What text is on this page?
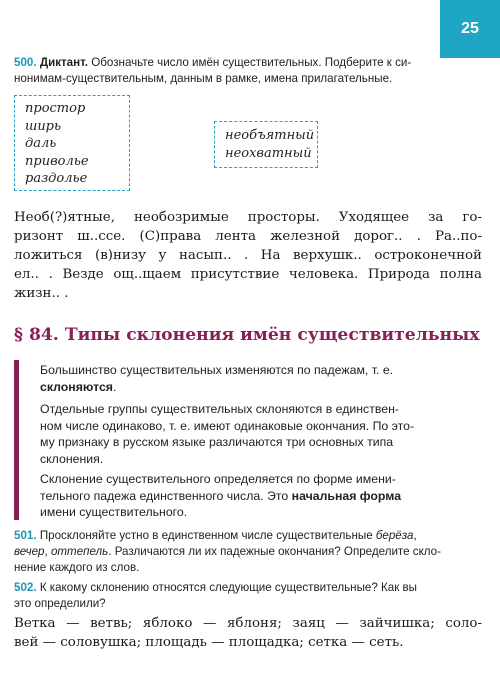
25
500. Диктант. Обозначьте число имён существительных. Подберите к си-
нонимам-существительным, данным в рамке, имена прилагательные.
простор
ширь
даль
приволье
раздолье
необъятный
неохватный
Необ(?)ятные, необозримые просторы. Уходящее за го-
ризонт ш..ссе. (С)права лента железной дорог.. . Ра..по-
ложиться (в)низу у насып.. . На верхушк.. остроконечной
ел.. . Везде ощ..щаем присутствие человека. Природа полна
жизн.. .
§ 84. Типы склонения имён существительных
Большинство существительных изменяются по падежам, т. е.
склоняются.
Отдельные группы существительных склоняются в единствен-
ном числе одинаково, т. е. имеют одинаковые окончания. По это-
му признаку в русском языке различаются три основных типа
склонения.
Склонение существительного определяется по форме имени-
тельного падежа единственного числа. Это начальная форма
имени существительного.
501. Просклоняйте устно в единственном числе существительные берёза,
вечер, оттепель. Различаются ли их падежные окончания? Определите скло-
нение каждого из слов.
502. К какому склонению относятся следующие существительные? Как вы
это определили?
Ветка — ветвь; яблоко — яблоня; заяц — зайчишка; соло-
вей — соловушка; площадь — площадка; сетка — сеть.
